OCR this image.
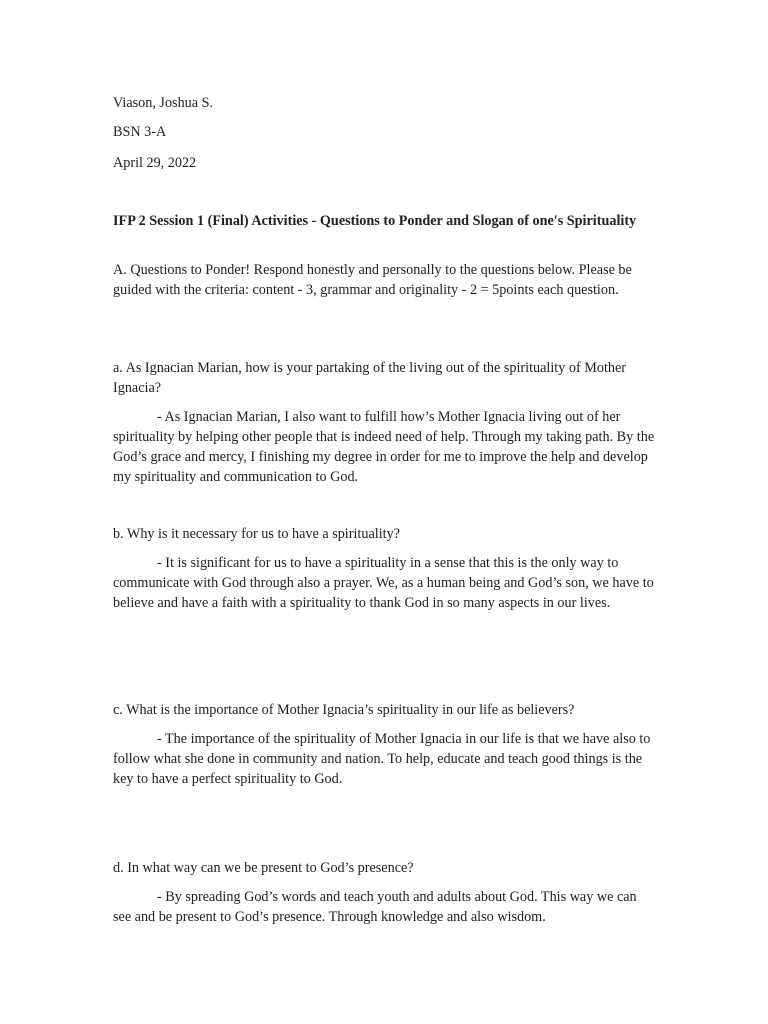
Viason, Joshua S.

BSN 3-A

April 29, 2022

IFP 2 Session 1 (Final) Activities - Questions to Ponder and Slogan of one's Spirituality

A. Questions to Ponder! Respond honestly and personally to the questions below. Please be guided with the criteria: content - 3, grammar and originality - 2 = 5points each question.

a. As Ignacian Marian, how is your partaking of the living out of the spirituality of Mother Ignacia?

- As Ignacian Marian, I also want to fulfill how’s Mother Ignacia living out of her spirituality by helping other people that is indeed need of help. Through my taking path. By the God’s grace and mercy, I finishing my degree in order for me to improve the help and develop my spirituality and communication to God.

b. Why is it necessary for us to have a spirituality?

- It is significant for us to have a spirituality in a sense that this is the only way to communicate with God through also a prayer. We, as a human being and God’s son, we have to believe and have a faith with a spirituality to thank God in so many aspects in our lives.

c. What is the importance of Mother Ignacia’s spirituality in our life as believers?

- The importance of the spirituality of Mother Ignacia in our life is that we have also to follow what she done in community and nation. To help, educate and teach good things is the key to have a perfect spirituality to God.

d. In what way can we be present to God’s presence?

- By spreading God’s words and teach youth and adults about God. This way we can see and be present to God’s presence. Through knowledge and also wisdom.
